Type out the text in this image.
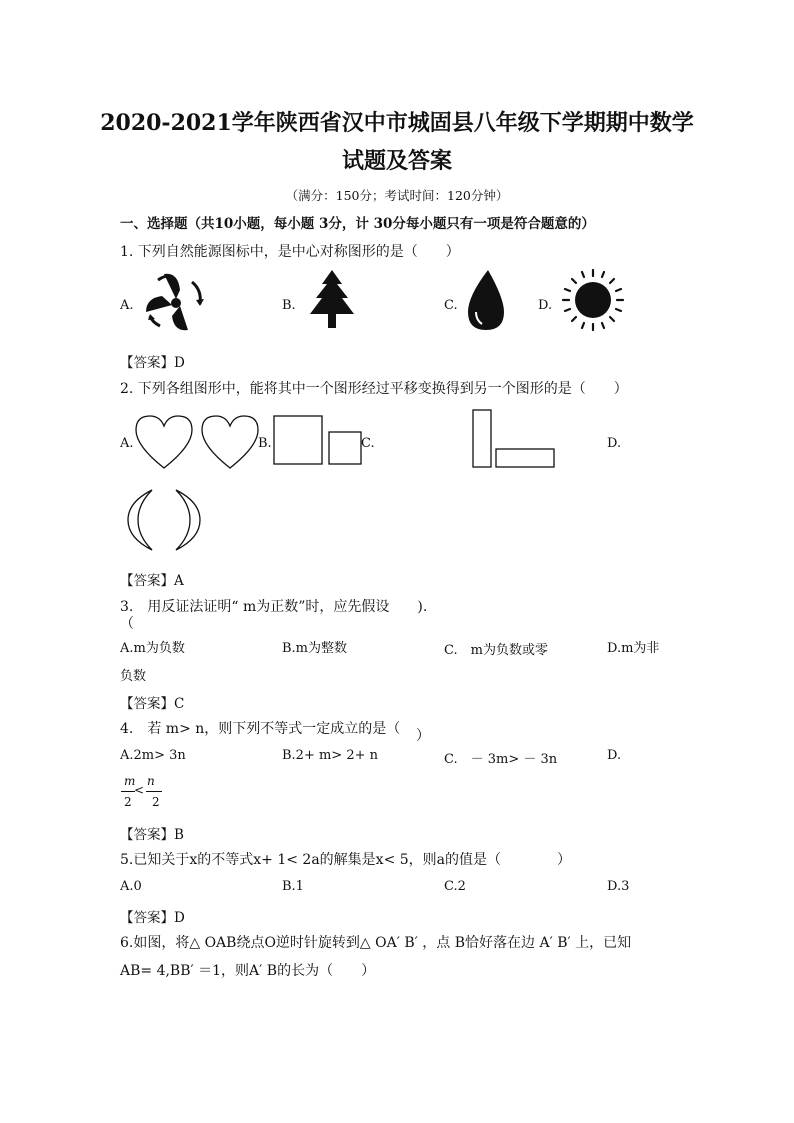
2020-2021学年陕西省汉中市城固县八年级下学期期中数学
试题及答案
（满分：150分；考试时间：120分钟）
一、选择题（共10小题，每小题 3分，计 30分每小题只有一项是符合题意的）
1. 下列自然能源图标中，是中心对称图形的是（　　）
A.	B.	C.	D.
【答案】D
2. 下列各组图形中，能将其中一个图形经过平移变换得到另一个图形的是（　　）
A.	B.	C.	D.
【答案】A
3.　用反证法证明“ m为正数”时，应先假设　　).
（
A.m为负数	B.m为整数	C.　m为负数或零	D.m为非
负数
【答案】C
4.　若 m> n，则下列不等式一定成立的是（ ）
A.2m> 3n	B.2+ m> 2+ n	C.　－ 3m> － 3n	D.
m
2
<
n
2
【答案】B
5.已知关于x的不等式x+ 1< 2a的解集是x< 5，则a的值是（　　　　）
A.0	B.1	C.2	D.3
【答案】D
6.如图，将△ OAB绕点O逆时针旋转到△ OA′ B′ ，点 B恰好落在边 A′ B′ 上，已知
AB= 4,BB′ ＝1，则A′ B的长为（　　）
